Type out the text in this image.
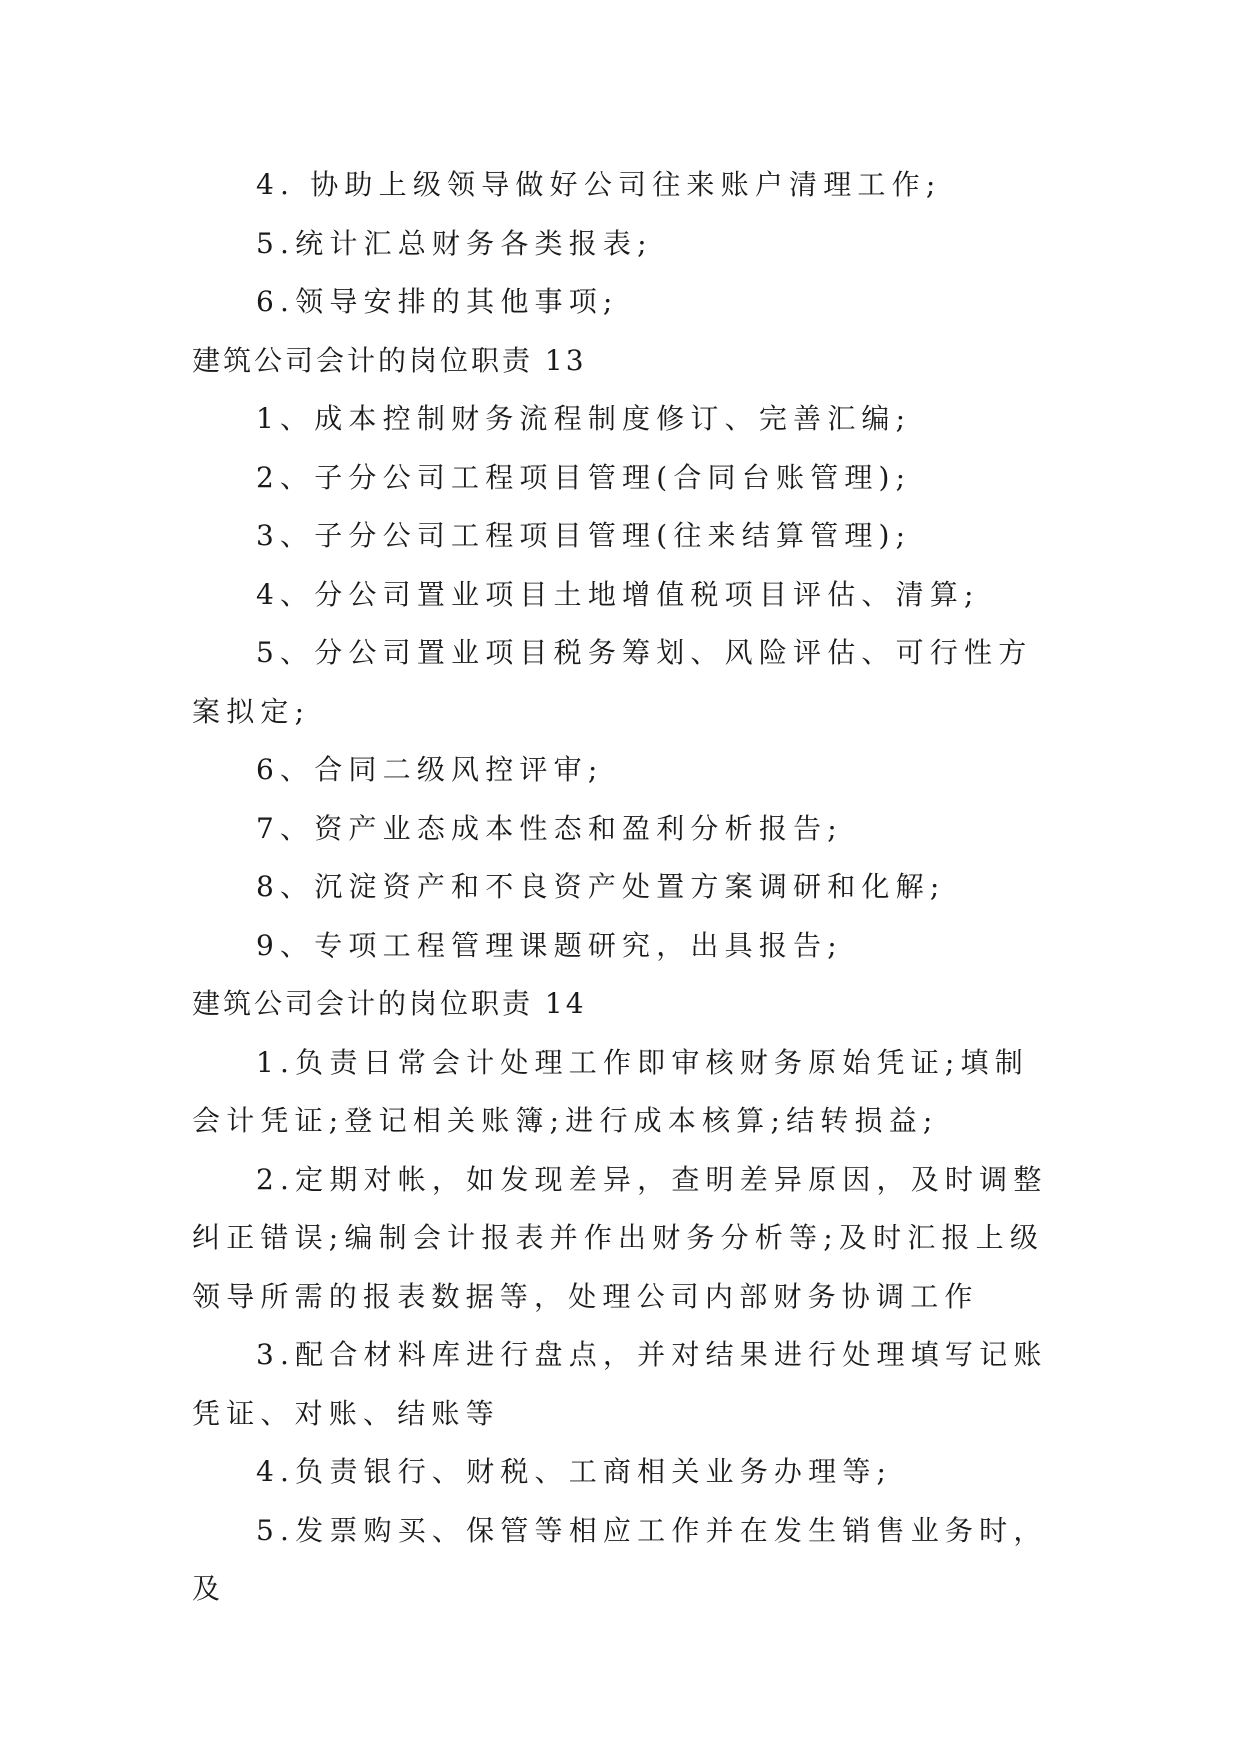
4. 协助上级领导做好公司往来账户清理工作;

5.统计汇总财务各类报表;

6.领导安排的其他事项;

建筑公司会计的岗位职责 13

1、成本控制财务流程制度修订、完善汇编;

2、子分公司工程项目管理(合同台账管理);

3、子分公司工程项目管理(往来结算管理);

4、分公司置业项目土地增值税项目评估、清算;

5、分公司置业项目税务筹划、风险评估、可行性方案拟定;

6、合同二级风控评审;

7、资产业态成本性态和盈利分析报告;

8、沉淀资产和不良资产处置方案调研和化解;

9、专项工程管理课题研究，出具报告;

建筑公司会计的岗位职责 14

1.负责日常会计处理工作即审核财务原始凭证;填制会计凭证;登记相关账簿;进行成本核算;结转损益;

2.定期对帐，如发现差异，查明差异原因，及时调整纠正错误;编制会计报表并作出财务分析等;及时汇报上级领导所需的报表数据等，处理公司内部财务协调工作

3.配合材料库进行盘点，并对结果进行处理填写记账凭证、对账、结账等

4.负责银行、财税、工商相关业务办理等;

5.发票购买、保管等相应工作并在发生销售业务时，及
